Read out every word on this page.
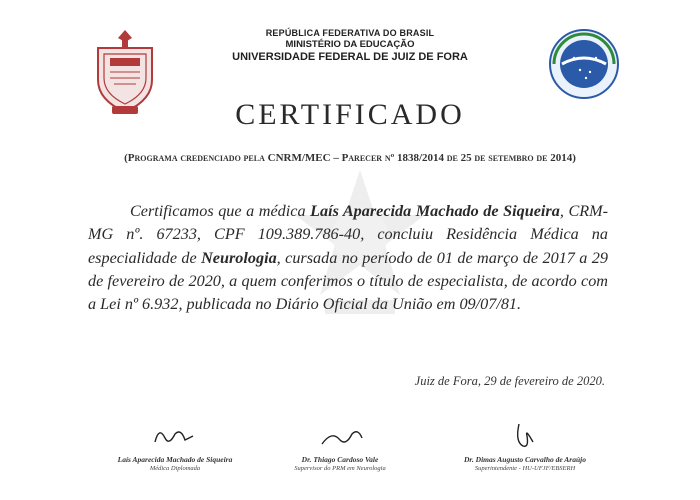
REPÚBLICA FEDERATIVA DO BRASIL
MINISTÉRIO DA EDUCAÇÃO
UNIVERSIDADE FEDERAL DE JUIZ DE FORA
CERTIFICADO
(Programa credenciado pela CNRM/MEC – Parecer nº 1838/2014 de 25 de setembro de 2014)
Certificamos que a médica Laís Aparecida Machado de Siqueira, CRM-MG nº. 67233, CPF 109.389.786-40, concluiu Residência Médica na especialidade de Neurologia, cursada no período de 01 de março de 2017 a 29 de fevereiro de 2020, a quem conferimos o título de especialista, de acordo com a Lei nº 6.932, publicada no Diário Oficial da União em 09/07/81.
Juiz de Fora, 29 de fevereiro de 2020.
Laís Aparecida Machado de Siqueira
Médica Diplomada
Dr. Thiago Cardoso Vale
Supervisor do PRM em Neurologia
Dr. Dimas Augusto Carvalho de Araújo
Superintendente - HU-UFJF/EBSERH
